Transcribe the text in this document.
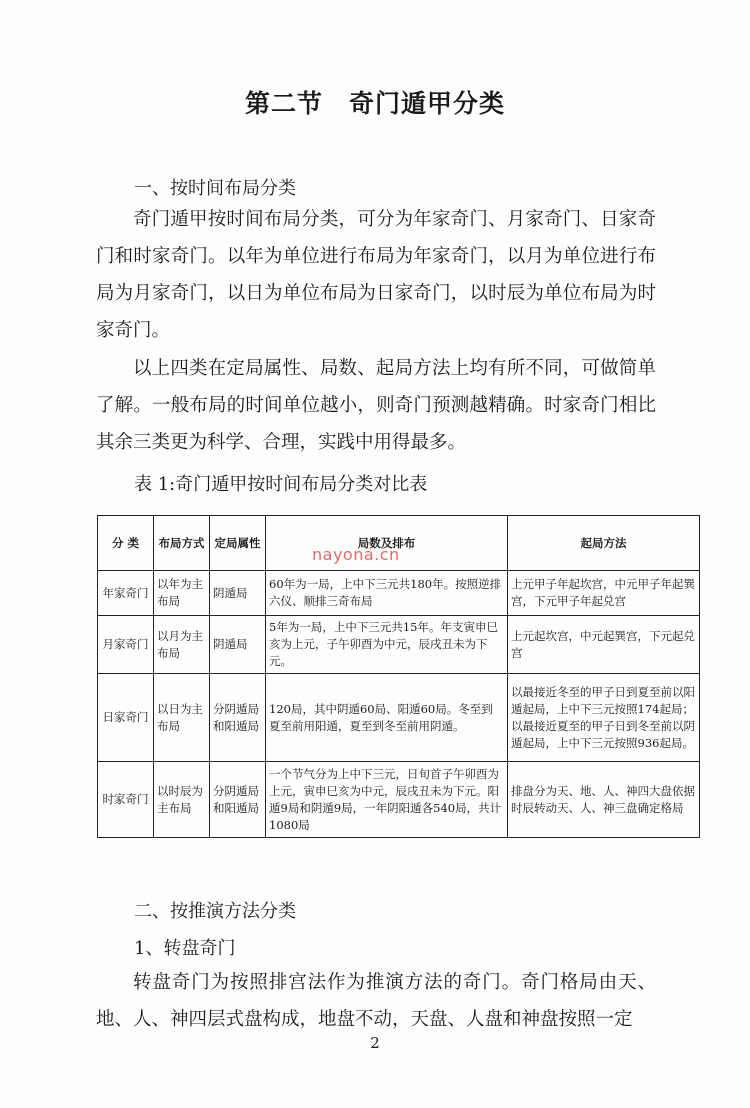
第二节 奇门遁甲分类

一、按时间布局分类

奇门遁甲按时间布局分类，可分为年家奇门、月家奇门、日家奇门和时家奇门。以年为单位进行布局为年家奇门，以月为单位进行布局为月家奇门，以日为单位布局为日家奇门，以时辰为单位布局为时家奇门。

以上四类在定局属性、局数、起局方法上均有所不同，可做简单了解。一般布局的时间单位越小，则奇门预测越精确。时家奇门相比其余三类更为科学、合理，实践中用得最多。

表 1:奇门遁甲按时间布局分类对比表

分 类	布局方式	定局属性	局数及排布	起局方法
年家奇门	以年为主布局	阴遁局	60年为一局，上中下三元共180年。按照逆排六仪、顺排三奇布局	上元甲子年起坎宫，中元甲子年起巽宫，下元甲子年起兑宫
月家奇门	以月为主布局	阴遁局	5年为一局，上中下三元共15年。年支寅申巳亥为上元，子午卯酉为中元，辰戌丑未为下元。	上元起坎宫，中元起巽宫，下元起兑宫
日家奇门	以日为主布局	分阴遁局和阳遁局	120局，其中阴遁60局、阳遁60局。冬至到夏至前用阳遁，夏至到冬至前用阴遁。	以最接近冬至的甲子日到夏至前以阳遁起局，上中下三元按照174起局；以最接近夏至的甲子日到冬至前以阴遁起局，上中下三元按照936起局。
时家奇门	以时辰为主布局	分阴遁局和阳遁局	一个节气分为上中下三元，日旬首子午卯酉为上元，寅申巳亥为中元，辰戌丑未为下元。阳遁9局和阴遁9局，一年阴阳遁各540局，共计1080局	排盘分为天、地、人、神四大盘依据时辰转动天、人、神三盘确定格局
nayona.cn

二、按推演方法分类

1、转盘奇门

转盘奇门为按照排宫法作为推演方法的奇门。奇门格局由天、地、人、神四层式盘构成，地盘不动，天盘、人盘和神盘按照一定

2
